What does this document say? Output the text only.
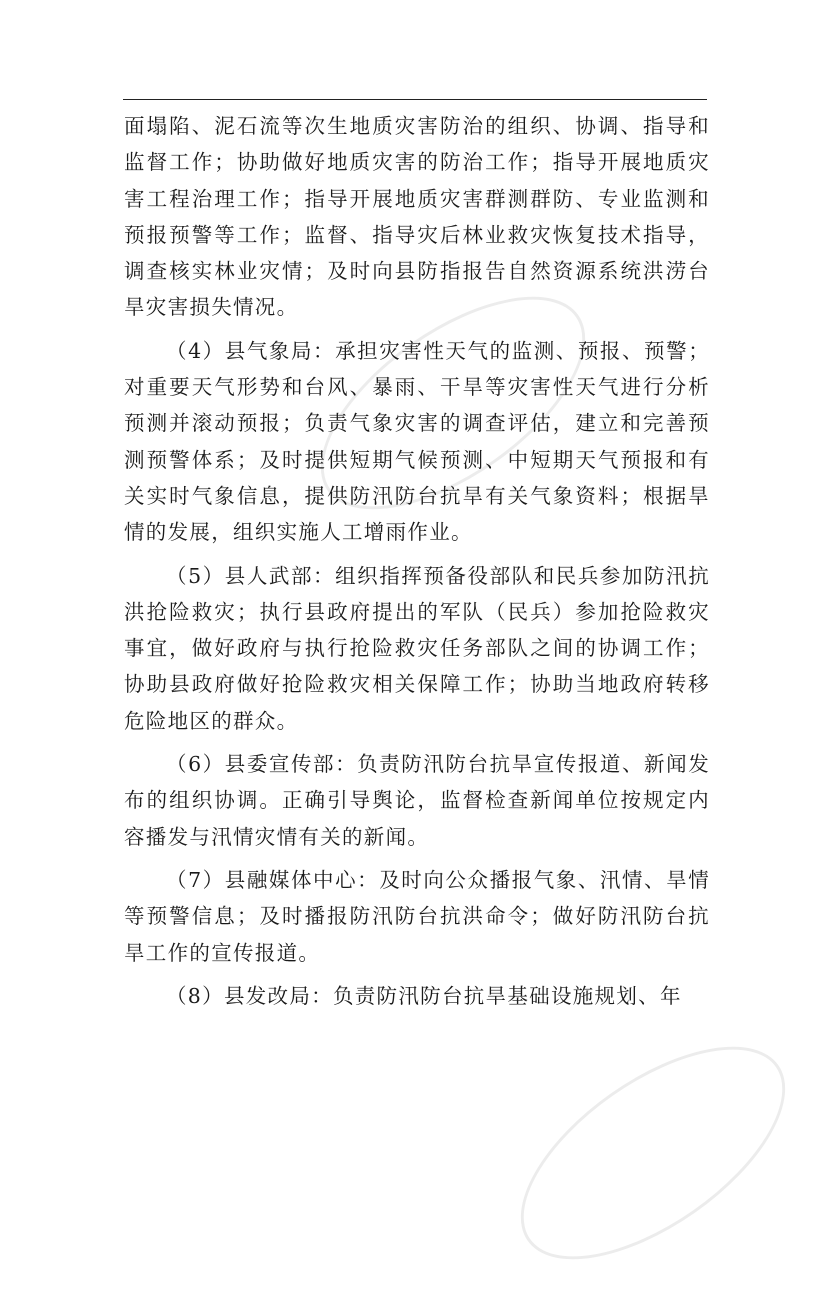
面塌陷、泥石流等次生地质灾害防治的组织、协调、指导和监督工作；协助做好地质灾害的防治工作；指导开展地质灾害工程治理工作；指导开展地质灾害群测群防、专业监测和预报预警等工作；监督、指导灾后林业救灾恢复技术指导，调查核实林业灾情；及时向县防指报告自然资源系统洪涝台旱灾害损失情况。

（4）县气象局：承担灾害性天气的监测、预报、预警；对重要天气形势和台风、暴雨、干旱等灾害性天气进行分析预测并滚动预报；负责气象灾害的调查评估，建立和完善预测预警体系；及时提供短期气候预测、中短期天气预报和有关实时气象信息，提供防汛防台抗旱有关气象资料；根据旱情的发展，组织实施人工增雨作业。

（5）县人武部：组织指挥预备役部队和民兵参加防汛抗洪抢险救灾；执行县政府提出的军队（民兵）参加抢险救灾事宜，做好政府与执行抢险救灾任务部队之间的协调工作；协助县政府做好抢险救灾相关保障工作；协助当地政府转移危险地区的群众。

（6）县委宣传部：负责防汛防台抗旱宣传报道、新闻发布的组织协调。正确引导舆论，监督检查新闻单位按规定内容播发与汛情灾情有关的新闻。

（7）县融媒体中心：及时向公众播报气象、汛情、旱情等预警信息；及时播报防汛防台抗洪命令；做好防汛防台抗旱工作的宣传报道。

（8）县发改局：负责防汛防台抗旱基础设施规划、年
